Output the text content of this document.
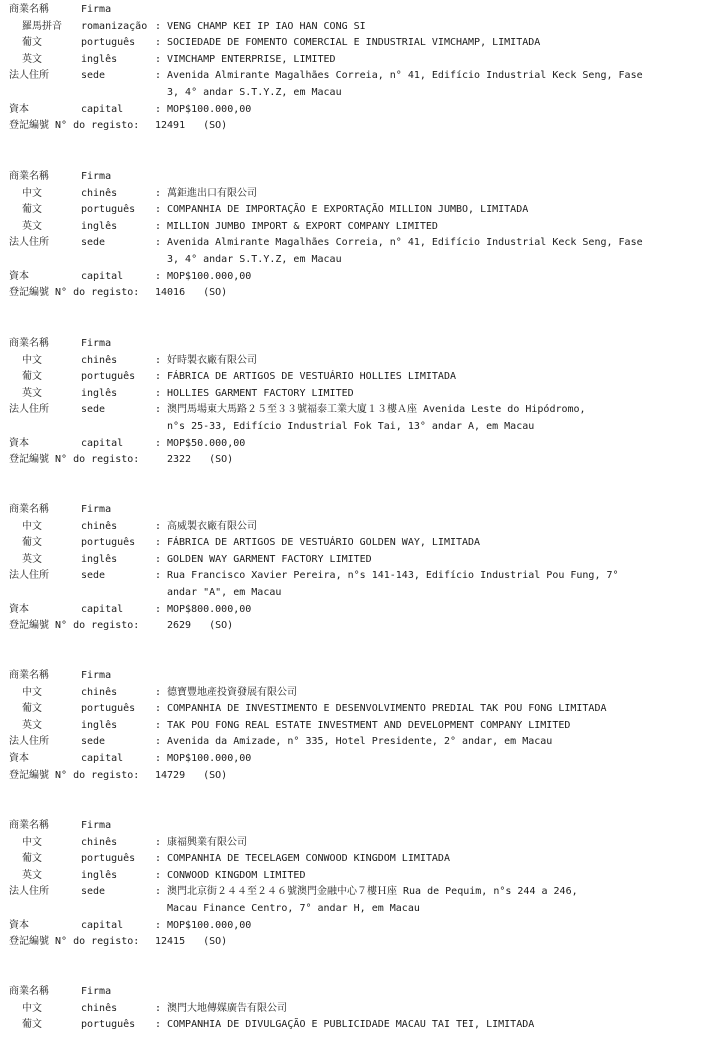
商業名稱	Firma
羅馬拼音 romanização : VENG CHAMP KEI IP IAO HAN CONG SI
葡文	português : SOCIEDADE DE FOMENTO COMERCIAL E INDUSTRIAL VIMCHAMP, LIMITADA
英文	inglês	: VIMCHAMP ENTERPRISE, LIMITED
法人住所	sede	: Avenida Almirante Magalhães Correia, n° 41, Edifício Industrial Keck Seng, Fase
3, 4° andar S.T.Y.Z, em Macau
資本	capital	: MOP$100.000,00
登記編號 N° do registo: 12491 (SO)
商業名稱	Firma
中文	chinês	: 萬鉅進出口有限公司
葡文	português : COMPANHIA DE IMPORTAÇÃO E EXPORTAÇÃO MILLION JUMBO, LIMITADA
英文	inglês	: MILLION JUMBO IMPORT & EXPORT COMPANY LIMITED
法人住所	sede	: Avenida Almirante Magalhães Correia, n° 41, Edifício Industrial Keck Seng, Fase
3, 4° andar S.T.Y.Z, em Macau
資本	capital	: MOP$100.000,00
登記編號 N° do registo: 14016 (SO)
商業名稱	Firma
中文	chinês	: 好時製衣廠有限公司
葡文	português : FÁBRICA DE ARTIGOS DE VESTUÁRIO HOLLIES LIMITADA
英文	inglês	: HOLLIES GARMENT FACTORY LIMITED
法人住所	sede	: 澳門馬場東大馬路２５至３３號福泰工業大廈１３樓Ａ座 Avenida Leste do Hipódromo,
n°s 25-33, Edifício Industrial Fok Tai, 13° andar A, em Macau
資本	capital	: MOP$50.000,00
登記編號 N° do registo:	2322 (SO)
商業名稱	Firma
中文	chinês	: 高威製衣廠有限公司
葡文	português : FÁBRICA DE ARTIGOS DE VESTUÁRIO GOLDEN WAY, LIMITADA
英文	inglês	: GOLDEN WAY GARMENT FACTORY LIMITED
法人住所	sede	: Rua Francisco Xavier Pereira, n°s 141-143, Edifício Industrial Pou Fung, 7°
andar "A", em Macau
資本	capital	: MOP$800.000,00
登記編號 N° do registo:	2629 (SO)
商業名稱	Firma
中文	chinês	: 德寶豐地產投資發展有限公司
葡文	português : COMPANHIA DE INVESTIMENTO E DESENVOLVIMENTO PREDIAL TAK POU FONG LIMITADA
英文	inglês	: TAK POU FONG REAL ESTATE INVESTMENT AND DEVELOPMENT COMPANY LIMITED
法人住所	sede	: Avenida da Amizade, n° 335, Hotel Presidente, 2° andar, em Macau
資本	capital	: MOP$100.000,00
登記編號 N° do registo: 14729 (SO)
商業名稱	Firma
中文	chinês	: 康福興業有限公司
葡文	português : COMPANHIA DE TECELAGEM CONWOOD KINGDOM LIMITADA
英文	inglês	: CONWOOD KINGDOM LIMITED
法人住所	sede	: 澳門北京街２４４至２４６號澳門金融中心７樓Ｈ座 Rua de Pequim, n°s 244 a 246,
Macau Finance Centro, 7° andar H, em Macau
資本	capital	: MOP$100.000,00
登記編號 N° do registo: 12415 (SO)
商業名稱	Firma
中文	chinês	: 澳門大地傳媒廣告有限公司
葡文	português : COMPANHIA DE DIVULGAÇÃO E PUBLICIDADE MACAU TAI TEI, LIMITADA
